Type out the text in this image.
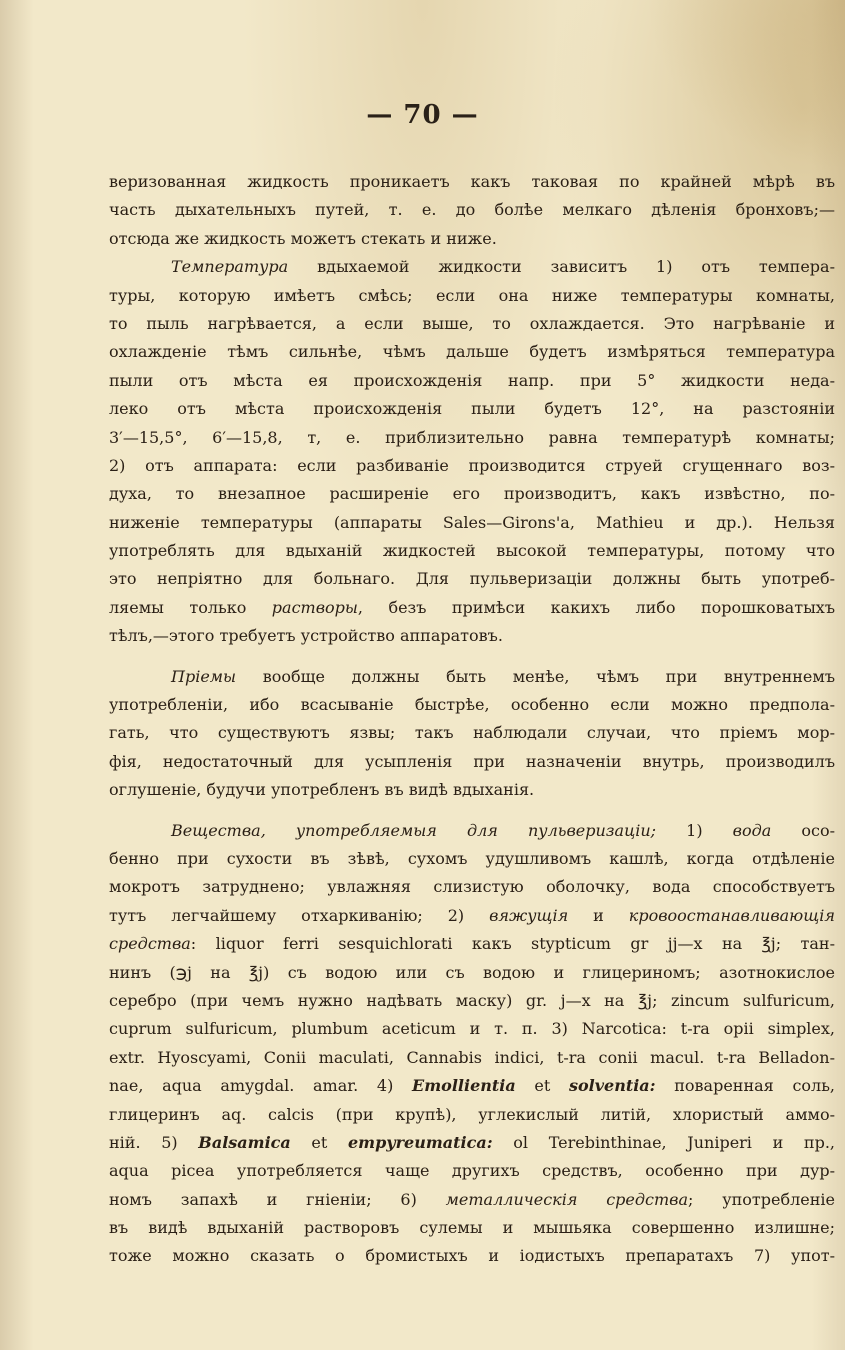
— 70 —
веризованная жидкость проникаетъ какъ таковая по крайней мѣрѣ въ
часть дыхательныхъ путей, т. е. до болѣе мелкаго дѣленія бронховъ;—
отсюда же жидкость можетъ стекать и ниже.
Температура вдыхаемой жидкости зависитъ 1) отъ темпера-
туры, которую имѣетъ смѣсь; если она ниже температуры комнаты,
то пыль нагрѣвается, а если выше, то охлаждается. Это нагрѣваніе и
охлажденіе тѣмъ сильнѣе, чѣмъ дальше будетъ измѣряться температура
пыли отъ мѣста ея происхожденія напр. при 5° жидкости неда-
леко отъ мѣста происхожденія пыли будетъ 12°, на разстояніи
3′—15,5°, 6′—15,8, т, е. приблизительно равна температурѣ комнаты;
2) отъ аппарата: если разбиваніе производится струей сгущеннаго воз-
духа, то внезапное расширеніе его производитъ, какъ извѣстно, по-
ниженіе температуры (аппараты Sales—Girons'a, Mathieu и др.). Нельзя
употреблять для вдыханій жидкостей высокой температуры, потому что
это непріятно для больнаго. Для пульверизаціи должны быть употреб-
ляемы только растворы, безъ примѣси какихъ либо порошковатыхъ
тѣлъ,—этого требуетъ устройство аппаратовъ.
Пріемы вообще должны быть менѣе, чѣмъ при внутреннемъ
употребленіи, ибо всасываніе быстрѣе, особенно если можно предпола-
гать, что существуютъ язвы; такъ наблюдали случаи, что пріемъ мор-
фія, недостаточный для усыпленія при назначеніи внутрь, производилъ
оглушеніе, будучи употребленъ въ видѣ вдыханія.
Вещества, употребляемыя для пульверизаціи; 1) вода осо-
бенно при сухости въ зѣвѣ, сухомъ удушливомъ кашлѣ, когда отдѣленіе
мокротъ затруднено; увлажняя слизистую оболочку, вода способствуетъ
тутъ легчайшему отхаркиванію; 2) вяжущія и кровоостанавливающія
средства: liquor ferri sesquichlorati какъ stypticum gr jj—x на ℥j; тан-
нинъ (℈j на ℥j) съ водою или съ водою и глицериномъ; азотнокислое
серебро (при чемъ нужно надѣвать маску) gr. j—x на ℥j; zincum sulfuricum,
cuprum sulfuricum, plumbum aceticum и т. п. 3) Narcotica: t-ra opii simplex,
extr. Hyoscyami, Conii maculati, Cannabis indici, t-ra conii macul. t-ra Belladon-
nae, aqua amygdal. amar. 4) Emollientia et solventia: поваренная соль,
глицеринъ aq. calcis (при крупѣ), углекислый литій, хлористый аммо-
ній. 5) Balsamica et empyreumatica: ol Terebinthinae, Juniperi и пр.,
aqua picea употребляется чаще другихъ средствъ, особенно при дур-
номъ запахѣ и гніеніи; 6) металлическія средства; употребленіе
въ видѣ вдыханій растворовъ сулемы и мышьяка совершенно излишне;
тоже можно сказать о бромистыхъ и іодистыхъ препаратахъ 7) упот-
